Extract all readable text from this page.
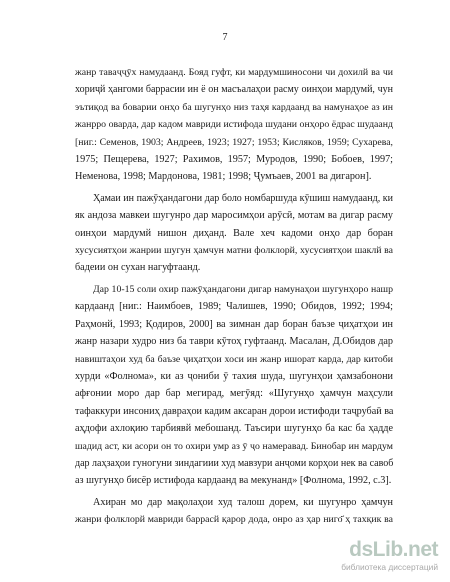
7
жанр таваҷҷӯх намудаанд. Бояд гуфт, ки мардумшиносони чи дохилй ва чи
хориҷй ҳангоми баррасии ин ё он масъалаҳои расму оинҳои мардумй, чун
эътиқод ва боварии онҳо ба шугунҳо низ таҳя кардаанд ва намунаҳое аз ин
жанрро оварда, дар кадом мавриди истифода шудани онҳоро ёдрас шудаанд
[ниг.: Семенов, 1903; Андреев, 1923; 1927; 1953; Кисляков, 1959; Сухарева,
1975; Пещерева, 1927; Рахимов, 1957; Муродов, 1990; Бобоев, 1997;
Неменова, 1998; Мардонова, 1981; 1998; Ҷумъаев, 2001 ва дигарон].
Ҳамаи ин пажӯҳандагони дар боло номбаршуда кӯшиш намудаанд, ки
як андоза мавкеи шугунро дар маросимҳои арӯсӣ, мотам ва дигар расму
оинҳои мардумй нишон диҳанд. Вале хеч кадоми онҳо дар боран
хусусиятҳои жанрии шугун ҳамчун матни фолклорй, хусусиятҳои шаклй ва
бадеии он сухан нагуфтаанд.
Дар 10-15 соли охир пажӯҳандагони дигар намунаҳои шугунҳоро нашр
кардаанд [ниг.: Наимбоев, 1989; Чалишев, 1990; Обидов, 1992; 1994;
Раҳмонй, 1993; Қодиров, 2000] ва зимнан дар боран баъзе ҷиҳатҳои ин
жанр назари худро низ ба таври кӯтоҳ гуфтаанд. Масалан, Д.Обидов дар
навиштаҳои худ ба баъзе ҷиҳатҳои хоси ин жанр ишорат карда, дар китоби
хурди «Фолнома», ки аз ҷониби ӯ тахия шуда, шугунҳои ҳамзабонони
афғонии моро дар бар мегирад, мегӯяд: «Шугунҳо ҳамчун маҳсули
тафаккури инсониҳ давраҳои кадим аксаран дорои истифоди таҷрубаӣ ва
аҳдофи ахлоқию тарбиявй мебошанд. Таъсири шугунҳо ба кас ба ҳадде
шадид аст, ки асори он то охири умр аз ӯ ҷо намеравад. Бинобар ин мардум
дар лаҳзаҳои гуногуни зиндагиии худ мавзури анҷоми корҳои нек ва савоб
аз шугунҳо бисёр истифода кардаанд ва мекунанд» [Фолнома, 1992, с.3].
Ахиран мо дар мақолаҳои худ талош дорем, ки шугунро ҳамчун
жанри фолклорй мавриди баррасй қарор дода, онро аз ҳар ниго҃ ҳ тахқик ва
dsLib.net
библиотека диссертаций
